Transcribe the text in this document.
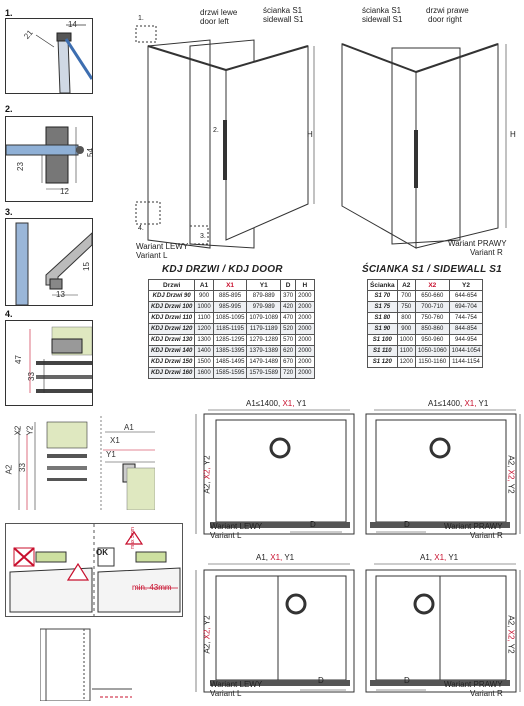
1.
21
14
2.
23
54
12
3.
15
13
4.
47
33
A2
X2 Y2
33
A1
X1
Y1
OK
min. 43mm
max 5mm
1.
2.
3.
4.
drzwi lewe
door left
ścianka S1
sidewall S1
ścianka S1
sidewall S1
drzwi prawe
door right
H	H
Wariant LEWY
Variant L
Wariant PRAWY
Variant R
KDJ DRZWI / KDJ DOOR
Drzwi	A1	X1	Y1	D	H
KDJ Drzwi 90	900	885-895	879-889	370	2000
KDJ Drzwi 100	1000	985-995	979-989	420	2000
KDJ Drzwi 110	1100	1085-1095	1079-1089	470	2000
KDJ Drzwi 120	1200	1185-1195	1179-1189	520	2000
KDJ Drzwi 130	1300	1285-1295	1279-1289	570	2000
KDJ Drzwi 140	1400	1385-1395	1379-1389	620	2000
KDJ Drzwi 150	1500	1485-1495	1479-1489	670	2000
KDJ Drzwi 160	1600	1585-1595	1579-1589	720	2000
ŚCIANKA S1 / SIDEWALL S1
Ścianka	A2	X2	Y2
S1 70	700	650-660	644-654
S1 75	750	700-710	694-704
S1 80	800	750-760	744-754
S1 90	900	850-860	844-854
S1 100	1000	950-960	944-954
S1 110	1100	1050-1060	1044-1054
S1 120	1200	1150-1160	1144-1154
A1≤1400, X1, Y1
A2, X2, Y2
D
Wariant LEWY
Variant L
A1≤1400, X1, Y1
A2, X2, Y2
D	Wariant PRAWY
Variant R
A1, X1, Y1
A2, X2, Y2
D
Wariant LEWY
Variant L
A1, X1, Y1
A2, X2, Y2
D	Wariant PRAWY
Variant R
